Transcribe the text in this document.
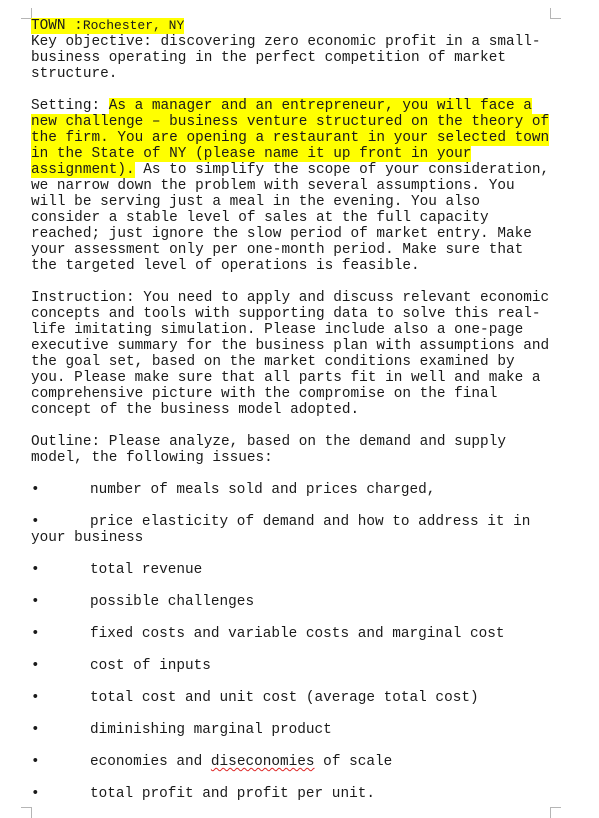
TOWN :Rochester, NY

Key objective: discovering zero economic profit in a small-business operating in the perfect competition of market structure.

Setting: As a manager and an entrepreneur, you will face a new challenge – business venture structured on the theory of the firm. You are opening a restaurant in your selected town in the State of NY (please name it up front in your assignment). As to simplify the scope of your consideration, we narrow down the problem with several assumptions. You will be serving just a meal in the evening. You also consider a stable level of sales at the full capacity reached; just ignore the slow period of market entry. Make your assessment only per one-month period. Make sure that the targeted level of operations is feasible.

Instruction: You need to apply and discuss relevant economic concepts and tools with supporting data to solve this real-life imitating simulation. Please include also a one-page executive summary for the business plan with assumptions and the goal set, based on the market conditions examined by you. Please make sure that all parts fit in well and make a comprehensive picture with the compromise on the final concept of the business model adopted.

Outline: Please analyze, based on the demand and supply model, the following issues:

•	number of meals sold and prices charged,

•	price elasticity of demand and how to address it in your business

•	total revenue

•	possible challenges

•	fixed costs and variable costs and marginal cost

•	cost of inputs

•	total cost and unit cost (average total cost)

•	diminishing marginal product

•	economies and diseconomies of scale

•	total profit and profit per unit.
